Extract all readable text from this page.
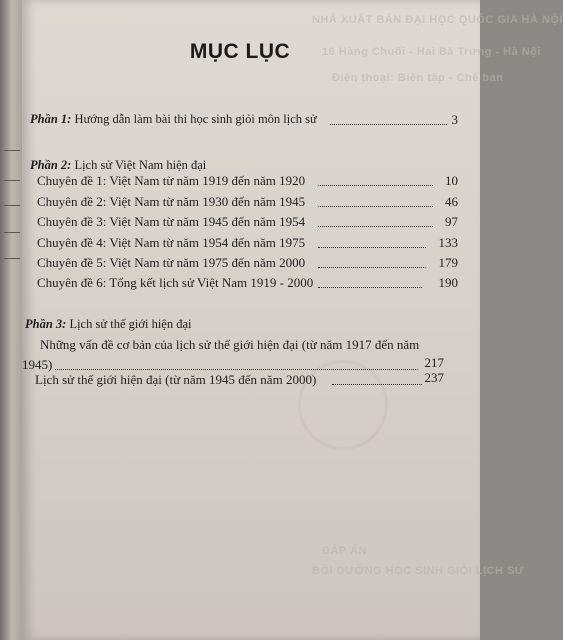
NHÀ XUẤT BẢN ĐẠI HỌC QUỐC GIA HÀ NỘI
16 Hàng Chuối - Hai Bà Trưng - Hà Nội
Điện thoại: Biên tập - Chế bản
ĐÁP ÁN
BỒI DƯỠNG HỌC SINH GIỎI LỊCH SỬ
MỤC LỤC
Phần 1: Hướng dẫn làm bài thi học sinh giỏi môn lịch sử	3
Phần 2: Lịch sử Việt Nam hiện đại
Chuyên đề 1: Việt Nam từ năm 1919 đến năm 1920	10
Chuyên đề 2: Việt Nam từ năm 1930 đến năm 1945	46
Chuyên đề 3: Việt Nam từ năm 1945 đến năm 1954	97
Chuyên đề 4: Việt Nam từ năm 1954 đến năm 1975	133
Chuyên đề 5: Việt Nam từ năm 1975 đến năm 2000	179
Chuyên đề 6: Tổng kết lịch sử Việt Nam 1919 - 2000	190
Phần 3: Lịch sử thế giới hiện đại
Những vấn đề cơ bản của lịch sử thế giới hiện đại (từ năm 1917 đến năm
1945)	217
Lịch sử thế giới hiện đại (từ năm 1945 đến năm 2000)	237
